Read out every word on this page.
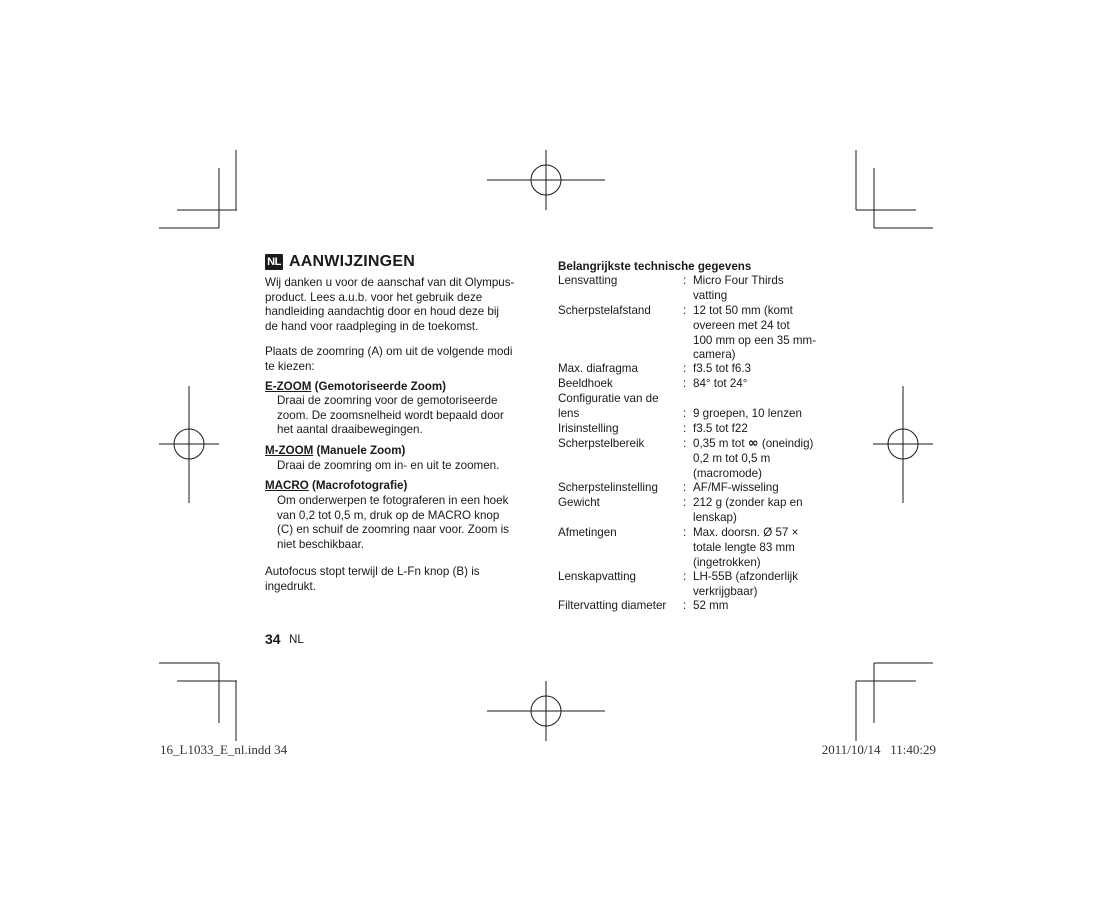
NL AANWIJZINGEN
Wij danken u voor de aanschaf van dit Olympus-
product. Lees a.u.b. voor het gebruik deze
handleiding aandachtig door en houd deze bij
de hand voor raadpleging in de toekomst.
Plaats de zoomring (A) om uit de volgende modi
te kiezen:
E-ZOOM (Gemotoriseerde Zoom)
Draai de zoomring voor de gemotoriseerde
zoom. De zoomsnelheid wordt bepaald door
het aantal draaibewegingen.
M-ZOOM (Manuele Zoom)
Draai de zoomring om in- en uit te zoomen.
MACRO (Macrofotografie)
Om onderwerpen te fotograferen in een hoek
van 0,2 tot 0,5 m, druk op de MACRO knop
(C) en schuif de zoomring naar voor. Zoom is
niet beschikbaar.
Autofocus stopt terwijl de L-Fn knop (B) is
ingedrukt.
Belangrijkste technische gegevens
Lensvatting	: Micro Four Thirds
vatting
Scherpstelafstand	: 12 tot 50 mm (komt
overeen met 24 tot
100 mm op een 35 mm-
camera)
Max. diafragma	: f3.5 tot f6.3
Beeldhoek	: 84° tot 24°
Configuratie van de
lens	: 9 groepen, 10 lenzen
Irisinstelling	: f3.5 tot f22
Scherpstelbereik	: 0,35 m tot ∞ (oneindig)
0,2 m tot 0,5 m
(macromode)
Scherpstelinstelling : AF/MF-wisseling
Gewicht	: 212 g (zonder kap en
lenskap)
Afmetingen	: Max. doorsn. Ø 57 ×
totale lengte 83 mm
(ingetrokken)
Lenskapvatting	: LH-55B (afzonderlijk
verkrijgbaar)
Filtervatting diameter : 52 mm
34 NL
16_L1033_E_nl.indd 34	2011/10/14   11:40:29
